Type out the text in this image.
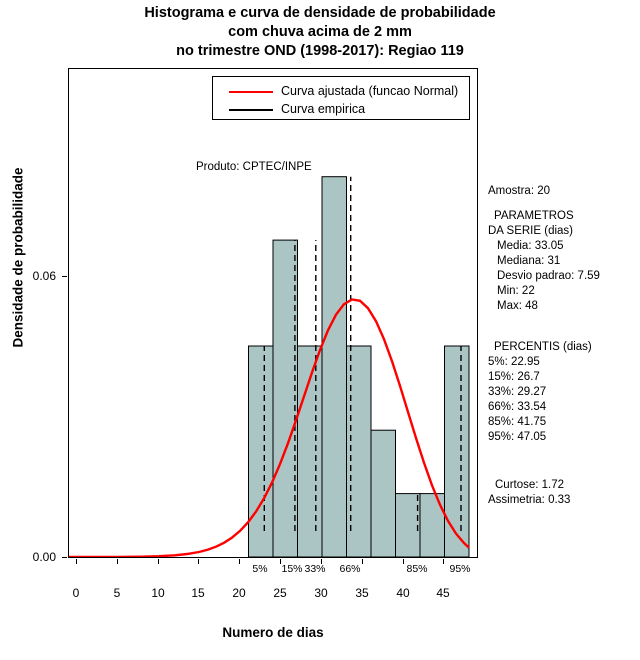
Histograma e curva de densidade de probabilidade
com chuva acima de 2 mm
no trimestre OND (1998-2017): Regiao 119
Densidade de probabilidade
Numero de dias
0.00
0.06
0	5	10	15	20	25	30	35	40	45
5%	15% 33% 66%	85% 95%
Curva ajustada (funcao Normal)
Curva empirica
Produto: CPTEC/INPE
Amostra: 20
PARAMETROS
DA SERIE (dias)
Media: 33.05
Mediana: 31
Desvio padrao: 7.59
Min: 22
Max: 48
PERCENTIS (dias)
5%: 22.95
15%: 26.7
33%: 29.27
66%: 33.54
85%: 41.75
95%: 47.05
Curtose: 1.72
Assimetria: 0.33
